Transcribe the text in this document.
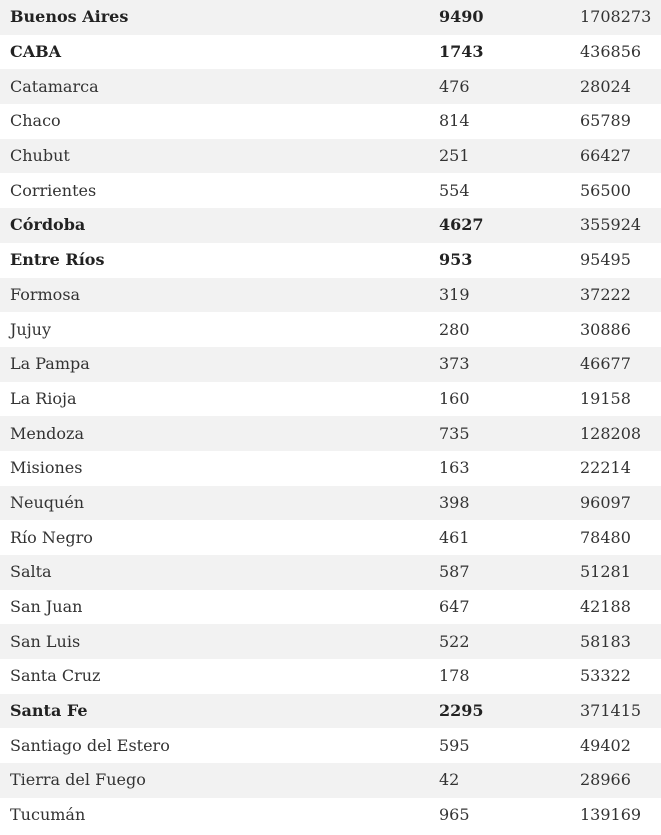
Buenos Aires	9490	1708273
CABA	1743	436856
Catamarca	476	28024
Chaco	814	65789
Chubut	251	66427
Corrientes	554	56500
Córdoba	4627	355924
Entre Ríos	953	95495
Formosa	319	37222
Jujuy	280	30886
La Pampa	373	46677
La Rioja	160	19158
Mendoza	735	128208
Misiones	163	22214
Neuquén	398	96097
Río Negro	461	78480
Salta	587	51281
San Juan	647	42188
San Luis	522	58183
Santa Cruz	178	53322
Santa Fe	2295	371415
Santiago del Estero	595	49402
Tierra del Fuego	42	28966
Tucumán	965	139169
